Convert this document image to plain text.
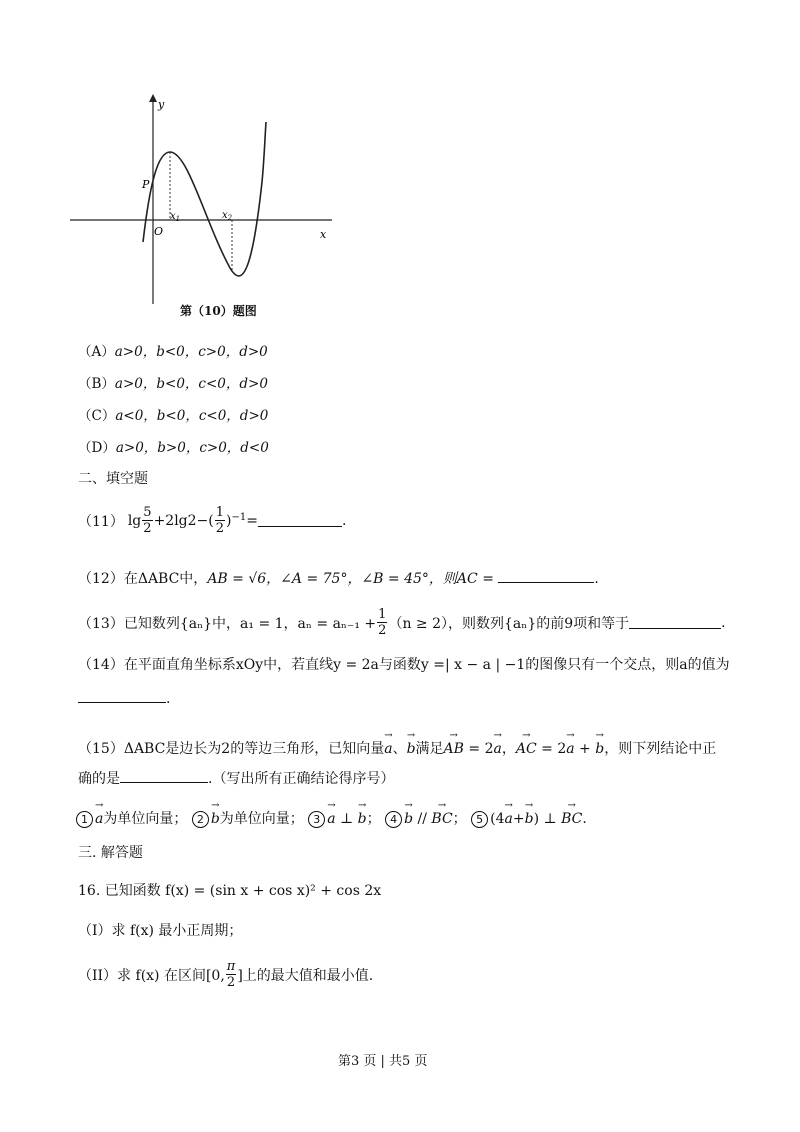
y
x
P
O
$x_1$	$x_2$
第（10）题图
（A）a>0，b<0，c>0，d>0
（B）a>0，b<0，c<0，d>0
（C）a<0，b<0，c<0，d>0
（D）a>0，b>0，c>0，d<0
二、填空题
（11） $\lg \frac{5}{2} +2\lg 2-( \frac{1}{2} )^{-1}$ =	.
（12）在ΔABC中，AB = √6，∠A = 75°，∠B = 45°，则AC =	.
（13） 已知数列{aₙ}中，a₁ = 1，$a_n = a_{n-1} + \frac{1}{2} (n \ge 2)$，则数列{aₙ}的前9项和等于	.
（14）在平面直角坐标系xOy中，若直线y = 2a与函数y =| x − a | −1的图像只有一个交点，则a的值为
.
（15）ΔABC是边长为2的等边三角形，已知向量→ a、→ b满足→ AB = 2→ a，→ AC = 2→ a + → b，则下列结论中正
确的是	.（写出所有正确结论得序号）
1 → a为单位向量； 2 → b为单位向量； 3 → a ⊥ → b； 4 → b // → BC； 5 (4→ a+→ b) ⊥ → BC.
三. 解答题
16. 已知函数 f(x) = (sin x + cos x)² + cos 2x
（I）求 f(x) 最小正周期；
（II）求 f(x) 在区间[0, $\frac{\pi}{2}$ ]上的最大值和最小值.
第3 页 | 共5 页
